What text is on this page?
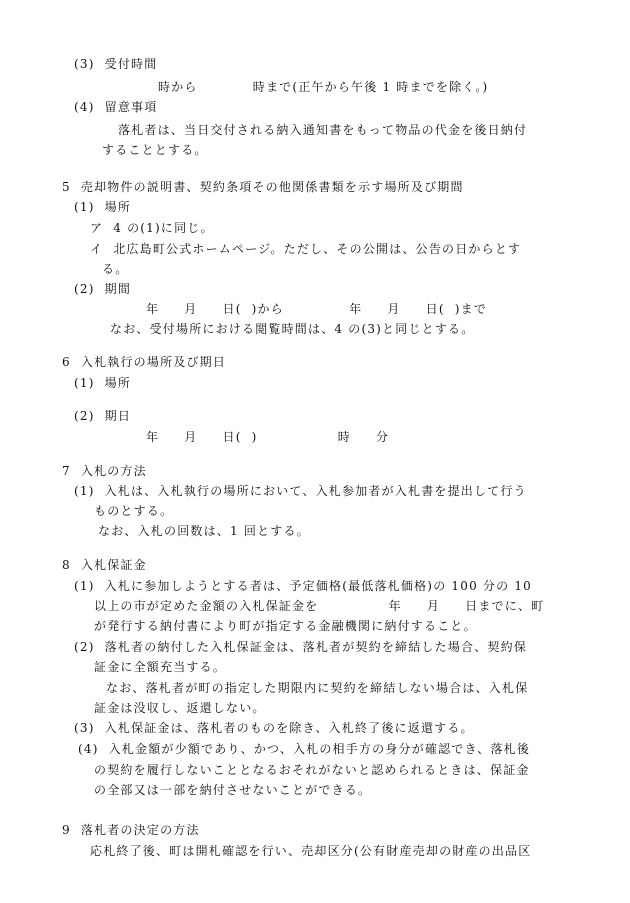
(3)  受付時間
時から           時まで(正午から午後 1 時までを除く。)
(4)  留意事項
落札者は、当日交付される納入通知書をもって物品の代金を後日納付
することとする。
5  売却物件の説明書、契約条項その他関係書類を示す場所及び期間
(1)  場所
ア  4 の(1)に同じ。
イ  北広島町公式ホームページ。ただし、その公開は、公告の日からとす
る。
(2)  期間
年     月     日(  )から             年     月     日(  )まで
なお、受付場所における閲覧時間は、4 の(3)と同じとする。
6  入札執行の場所及び期日
(1)  場所
(2)  期日
年     月     日(  )                時     分
7  入札の方法
(1)  入札は、入札執行の場所において、入札参加者が入札書を提出して行う
ものとする。
なお、入札の回数は、1 回とする。
8  入札保証金
(1)  入札に参加しようとする者は、予定価格(最低落札価格)の 100 分の 10
以上の市が定めた金額の入札保証金を              年     月     日までに、町
が発行する納付書により町が指定する金融機関に納付すること。
(2)  落札者の納付した入札保証金は、落札者が契約を締結した場合、契約保
証金に全額充当する。
なお、落札者が町の指定した期限内に契約を締結しない場合は、入札保
証金は没収し、返還しない。
(3)  入札保証金は、落札者のものを除き、入札終了後に返還する。
(4)  入札金額が少額であり、かつ、入札の相手方の身分が確認でき、落札後
の契約を履行しないこととなるおそれがないと認められるときは、保証金
の全部又は一部を納付させないことができる。
9  落札者の決定の方法
応札終了後、町は開札確認を行い、売却区分(公有財産売却の財産の出品区
